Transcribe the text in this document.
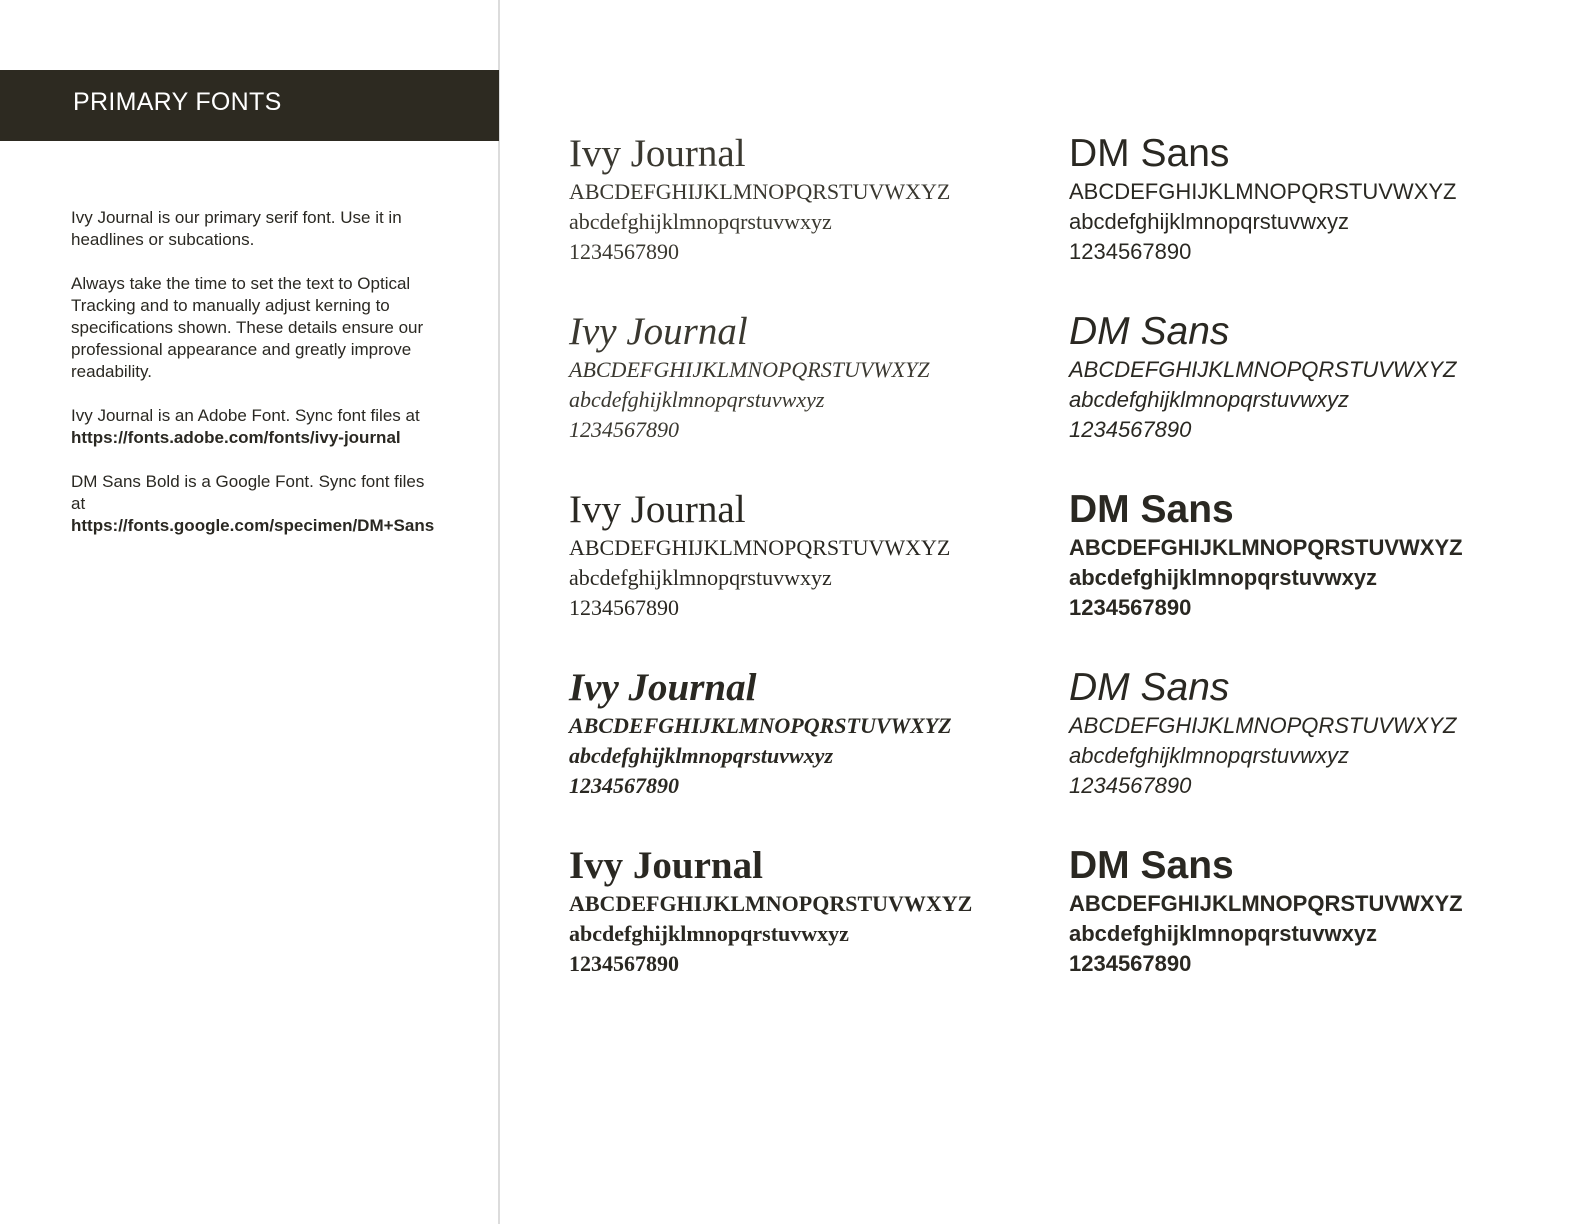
PRIMARY FONTS

Ivy Journal is our primary serif font. Use it in headlines or subcations.

Always take the time to set the text to Optical Tracking and to manually adjust kerning to specifications shown. These details ensure our professional appearance and greatly improve readability.

Ivy Journal is an Adobe Font. Sync font files at
https://fonts.adobe.com/fonts/ivy-journal

DM Sans Bold is a Google Font. Sync font files at
https://fonts.google.com/specimen/DM+Sans

Ivy Journal
ABCDEFGHIJKLMNOPQRSTUVWXYZ
abcdefghijklmnopqrstuvwxyz
1234567890
Ivy Journal
ABCDEFGHIJKLMNOPQRSTUVWXYZ
abcdefghijklmnopqrstuvwxyz
1234567890
Ivy Journal
ABCDEFGHIJKLMNOPQRSTUVWXYZ
abcdefghijklmnopqrstuvwxyz
1234567890
Ivy Journal
ABCDEFGHIJKLMNOPQRSTUVWXYZ
abcdefghijklmnopqrstuvwxyz
1234567890
Ivy Journal
ABCDEFGHIJKLMNOPQRSTUVWXYZ
abcdefghijklmnopqrstuvwxyz
1234567890
DM Sans
ABCDEFGHIJKLMNOPQRSTUVWXYZ
abcdefghijklmnopqrstuvwxyz
1234567890
DM Sans
ABCDEFGHIJKLMNOPQRSTUVWXYZ
abcdefghijklmnopqrstuvwxyz
1234567890
DM Sans
ABCDEFGHIJKLMNOPQRSTUVWXYZ
abcdefghijklmnopqrstuvwxyz
1234567890
DM Sans
ABCDEFGHIJKLMNOPQRSTUVWXYZ
abcdefghijklmnopqrstuvwxyz
1234567890
DM Sans
ABCDEFGHIJKLMNOPQRSTUVWXYZ
abcdefghijklmnopqrstuvwxyz
1234567890
